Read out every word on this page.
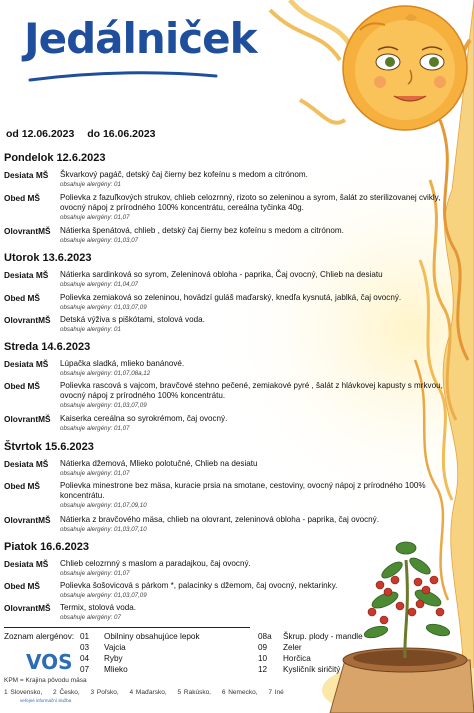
Jedálniček
od 12.06.2023 do 16.06.2023
Pondelok 12.6.2023
Desiata MŠ Škvarkový pagáč, detský čaj čierny bez kofeínu s medom a citrónom.
obsahuje alergény: 01
Obed MŠ Polievka z fazuľkových strukov, chlieb celozrnný, rizoto so zeleninou a syrom, šalát zo sterilizovanej cvikly, ovocný nápoj z prírodného 100% koncentrátu, cereálna tyčinka 40g.
obsahuje alergény: 01,07
OlovrantMŠ Nátierka špenátová, chlieb , detský čaj čierny bez kofeínu s medom a citrónom.
obsahuje alergény: 01,03,07
Utorok 13.6.2023
Desiata MŠ Nátierka sardinková so syrom, Zeleninová obloha - paprika, Čaj ovocný, Chlieb na desiatu
obsahuje alergény: 01,04,07
Obed MŠ Polievka zemiaková so zeleninou, hovädzí guláš maďarský, knedľa kysnutá, jablká, čaj ovocný.
obsahuje alergény: 01,03,07,09
OlovrantMŠ Detská výživa s piškótami, stolová voda.
obsahuje alergény: 01
Streda 14.6.2023
Desiata MŠ Lúpačka sladká, mlieko banánové.
obsahuje alergény: 01,07,08a,12
Obed MŠ Polievka rascová s vajcom, bravčové stehno pečené, zemiakové pyré , šalát z hlávkovej kapusty s mrkvou, ovocný nápoj z prírodného 100% koncentrátu.
obsahuje alergény: 01,03,07,09
OlovrantMŠ Kaiserka cereálna so syrokrémom, čaj ovocný.
obsahuje alergény: 01,07
Štvrtok 15.6.2023
Desiata MŠ Nátierka džemová, Mlieko polotučné, Chlieb na desiatu
obsahuje alergény: 01,07
Obed MŠ Polievka minestrone bez mäsa, kuracie prsia na smotane, cestoviny, ovocný nápoj z prírodného 100% koncentrátu.
obsahuje alergény: 01,07,09,10
OlovrantMŠ Nátierka z bravčového mäsa, chlieb na olovrant, zeleninová obloha - paprika, čaj ovocný.
obsahuje alergény: 01,03,07,10
Piatok 16.6.2023
Desiata MŠ Chlieb celozrnný s maslom a paradajkou, čaj ovocný.
obsahuje alergény: 01,07
Obed MŠ Polievka šošovicová s párkom *, palacinky s džemom, čaj ovocný, nektarinky.
obsahuje alergény: 01,03,07,09
OlovrantMŠ Termix, stolová voda.
obsahuje alergény: 07
Zoznam alergénov: 01 Obilniny obsahujúce lepok
03 Vajcia
04 Ryby
07 Mlieko
08a Škrup. plody - mandle
09 Zeler
10 Horčica
12 Kysličník siričitý
VOS
veřejné informační služba
KPM = Krajina pôvodu mäsa
1 Slovensko, 2 Česko, 3 Poľsko, 4 Maďarsko, 5 Rakúsko, 6 Nemecko, 7 Iné
